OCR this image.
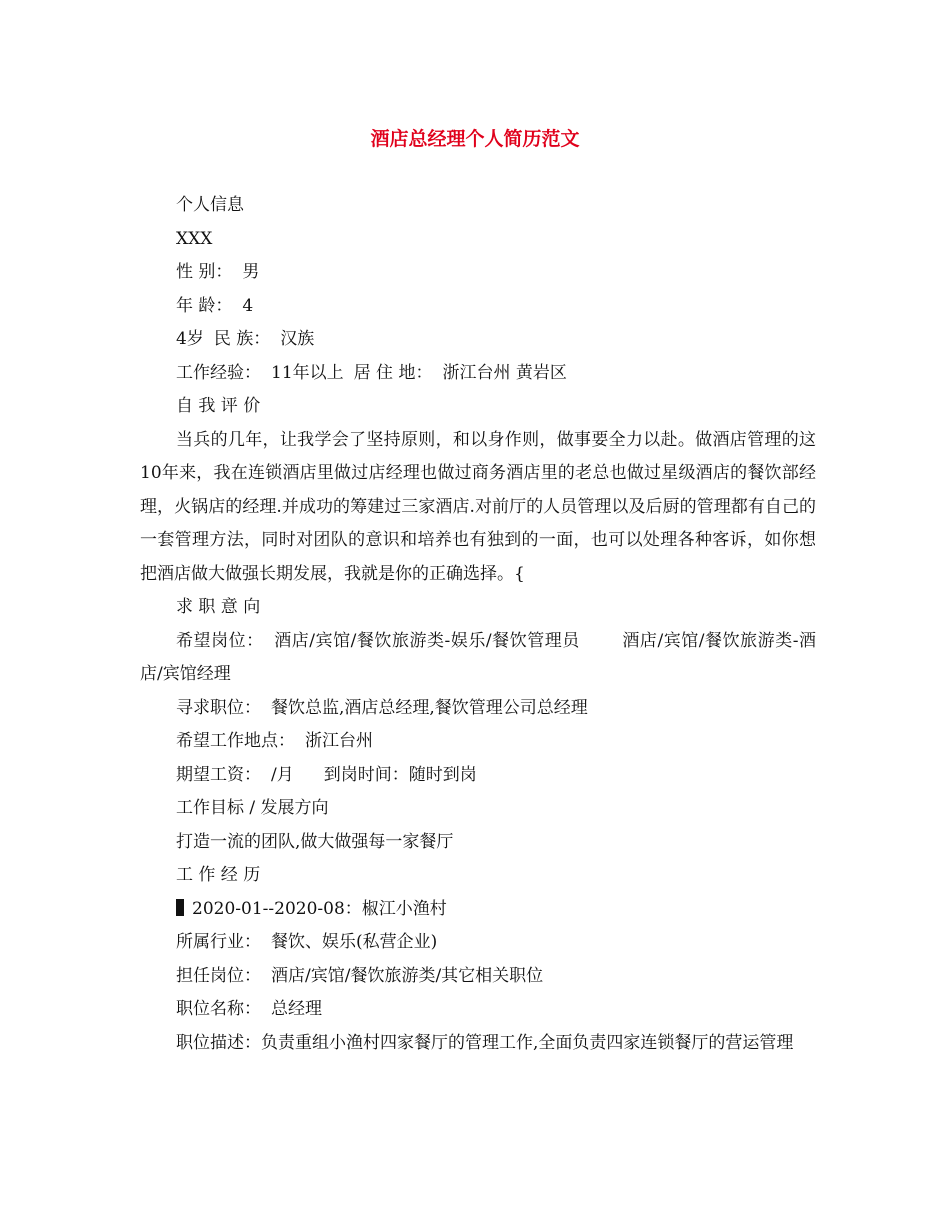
酒店总经理个人简历范文

个人信息

XXX

性 别： 男

年 龄： 4

4岁 民 族： 汉族

工作经验： 11年以上 居 住 地： 浙江台州 黄岩区

自 我 评 价

当兵的几年，让我学会了坚持原则，和以身作则，做事要全力以赴。做酒店管理的这10年来，我在连锁酒店里做过店经理也做过商务酒店里的老总也做过星级酒店的餐饮部经理，火锅店的经理.并成功的筹建过三家酒店.对前厅的人员管理以及后厨的管理都有自己的一套管理方法，同时对团队的意识和培养也有独到的一面，也可以处理各种客诉，如你想把酒店做大做强长期发展，我就是你的正确选择。{

求 职 意 向

希望岗位： 酒店/宾馆/餐饮旅游类-娱乐/餐饮管理员 酒店/宾馆/餐饮旅游类-酒店/宾馆经理

寻求职位： 餐饮总监,酒店总经理,餐饮管理公司总经理

希望工作地点： 浙江台州

期望工资： /月 到岗时间：随时到岗

工作目标 / 发展方向

打造一流的团队,做大做强每一家餐厅

工 作 经 历

2020-01--2020-08：椒江小渔村

所属行业： 餐饮、娱乐(私营企业)

担任岗位： 酒店/宾馆/餐饮旅游类/其它相关职位

职位名称： 总经理

职位描述：负责重组小渔村四家餐厅的管理工作,全面负责四家连锁餐厅的营运管理
